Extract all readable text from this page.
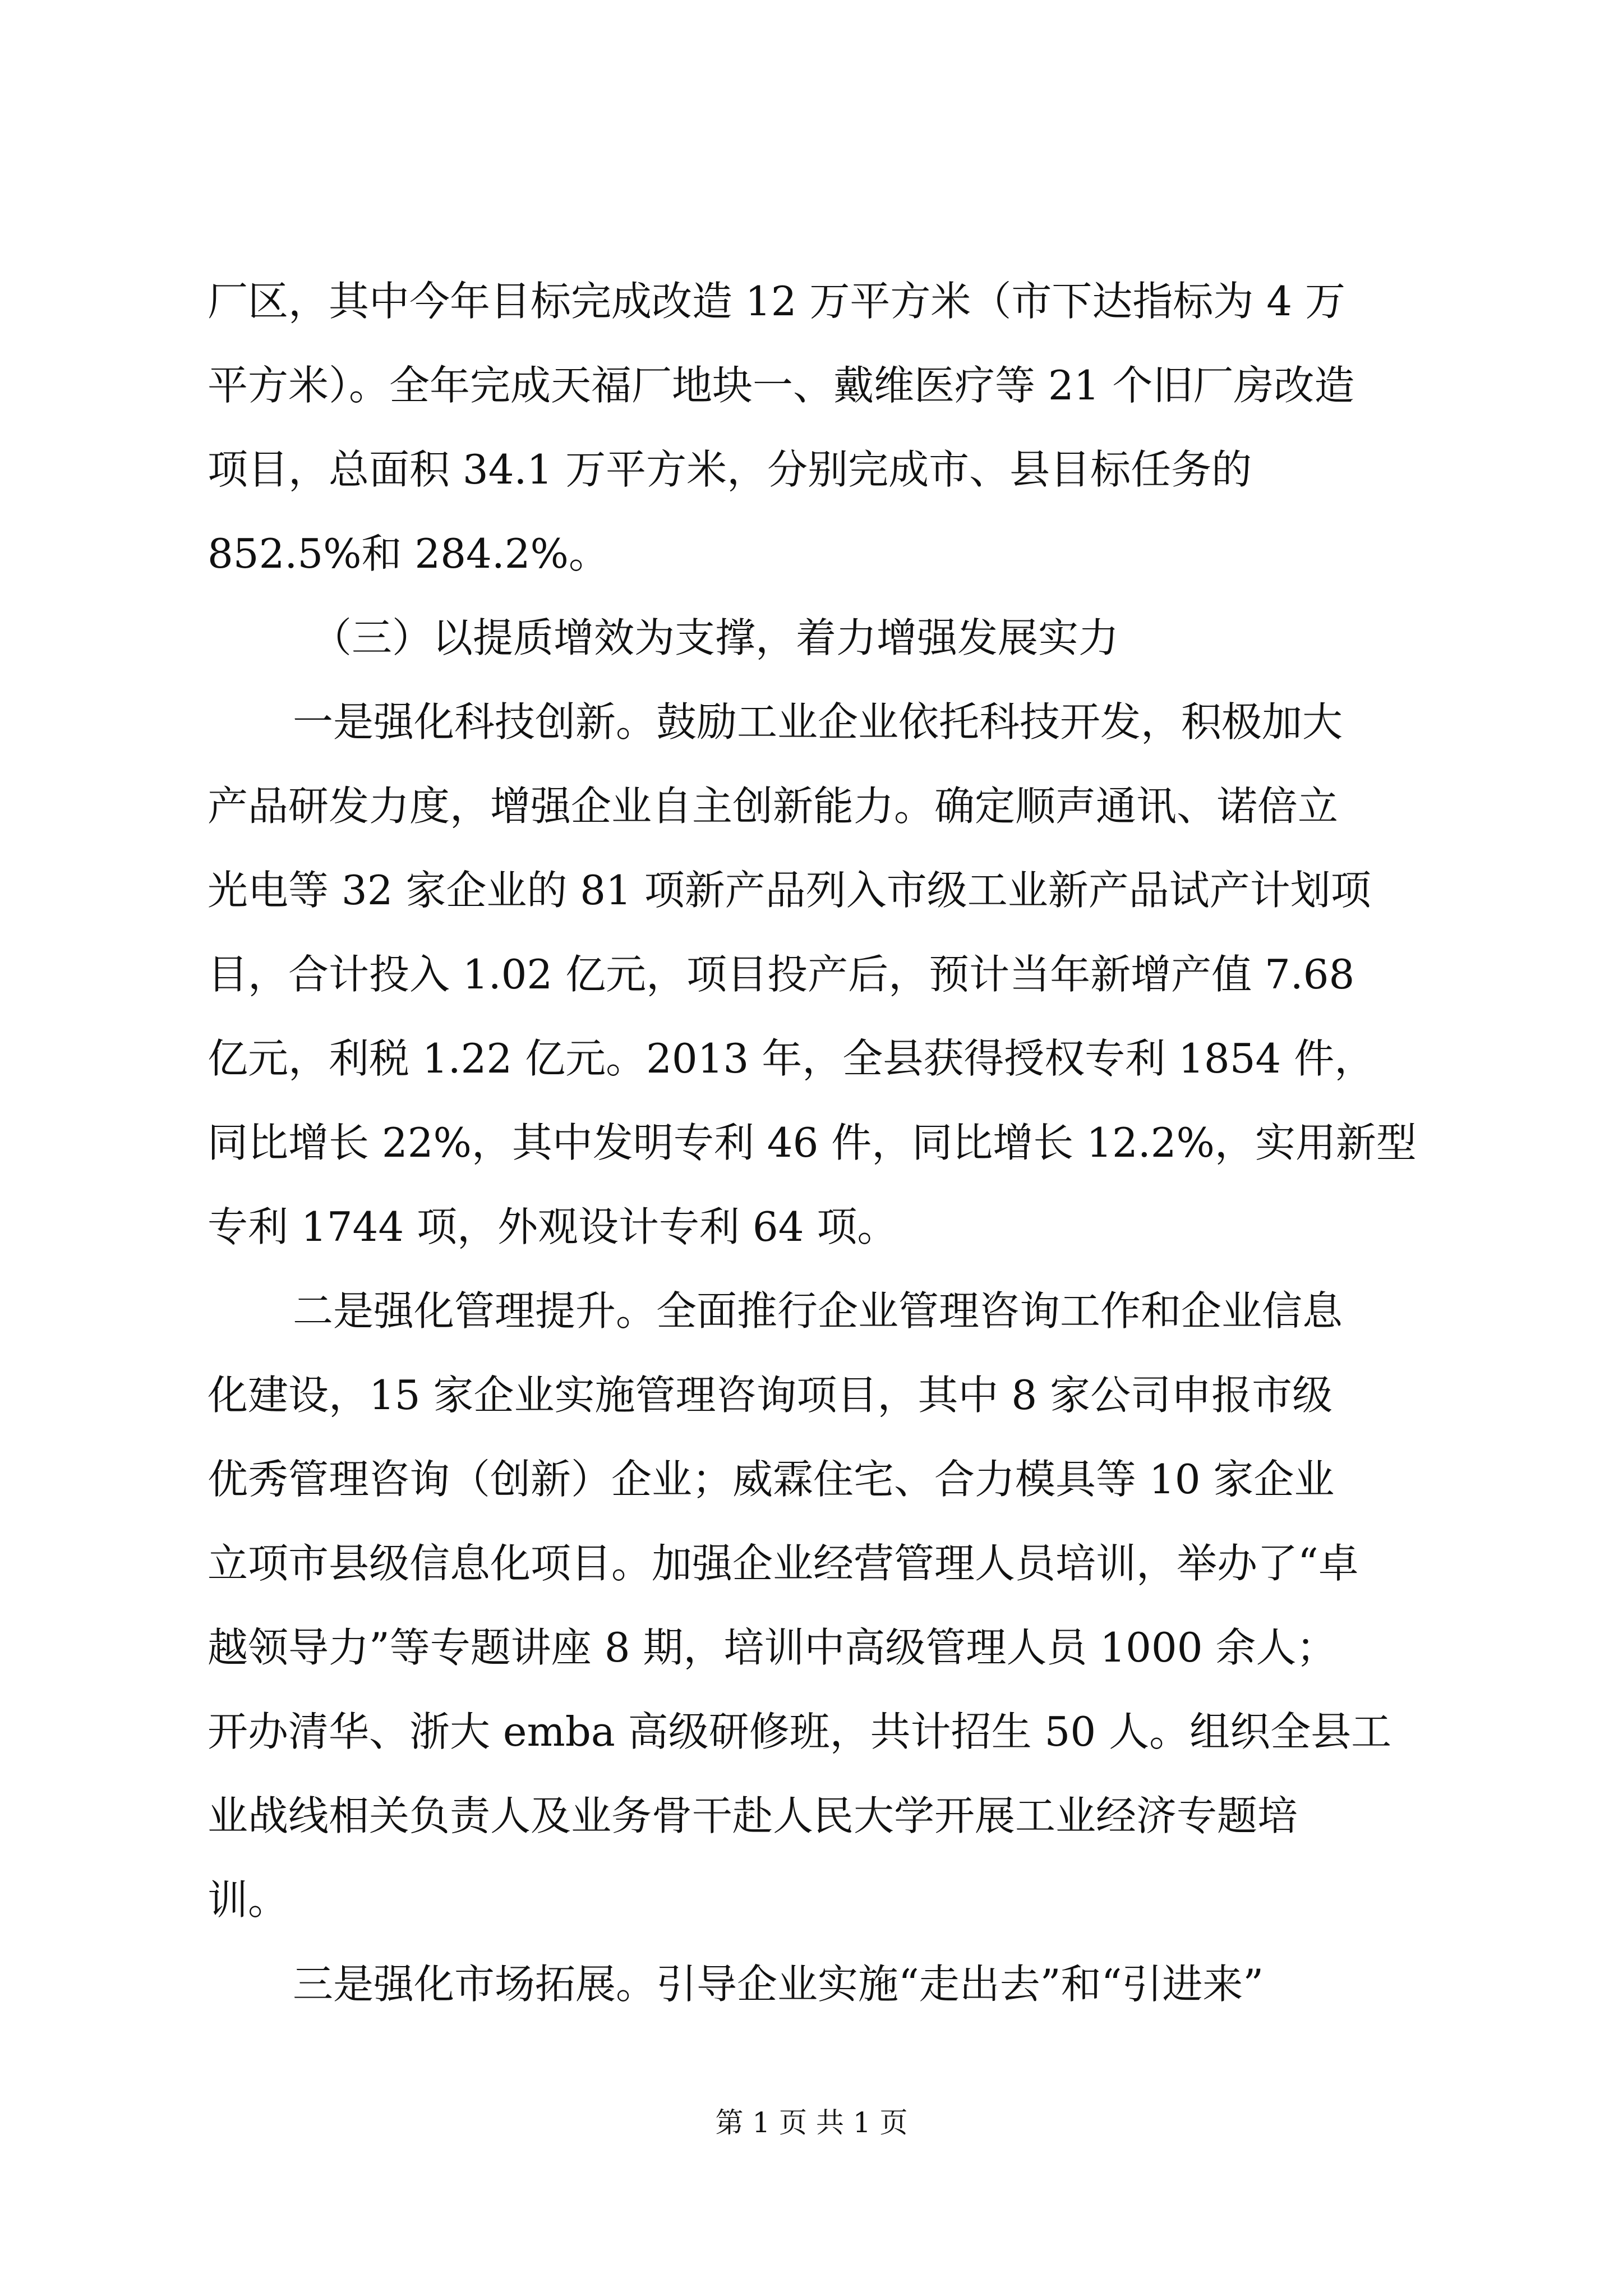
厂区，其中今年目标完成改造 12 万平方米（市下达指标为 4 万

平方米）。全年完成天福厂地块一、戴维医疗等 21 个旧厂房改造

项目，总面积 34.1 万平方米，分别完成市、县目标任务的

852.5%和 284.2%。

（三）以提质增效为支撑，着力增强发展实力

一是强化科技创新。鼓励工业企业依托科技开发，积极加大

产品研发力度，增强企业自主创新能力。确定顺声通讯、诺倍立

光电等 32 家企业的 81 项新产品列入市级工业新产品试产计划项

目，合计投入 1.02 亿元，项目投产后，预计当年新增产值 7.68

亿元，利税 1.22 亿元。2013 年，全县获得授权专利 1854 件，

同比增长 22%，其中发明专利 46 件，同比增长 12.2%，实用新型

专利 1744 项，外观设计专利 64 项。

二是强化管理提升。全面推行企业管理咨询工作和企业信息

化建设，15 家企业实施管理咨询项目，其中 8 家公司申报市级

优秀管理咨询（创新）企业；威霖住宅、合力模具等 10 家企业

立项市县级信息化项目。加强企业经营管理人员培训，举办了“卓

越领导力”等专题讲座 8 期，培训中高级管理人员 1000 余人；

开办清华、浙大 emba 高级研修班，共计招生 50 人。组织全县工

业战线相关负责人及业务骨干赴人民大学开展工业经济专题培

训。

三是强化市场拓展。引导企业实施“走出去”和“引进来”

第 1 页 共 1 页
